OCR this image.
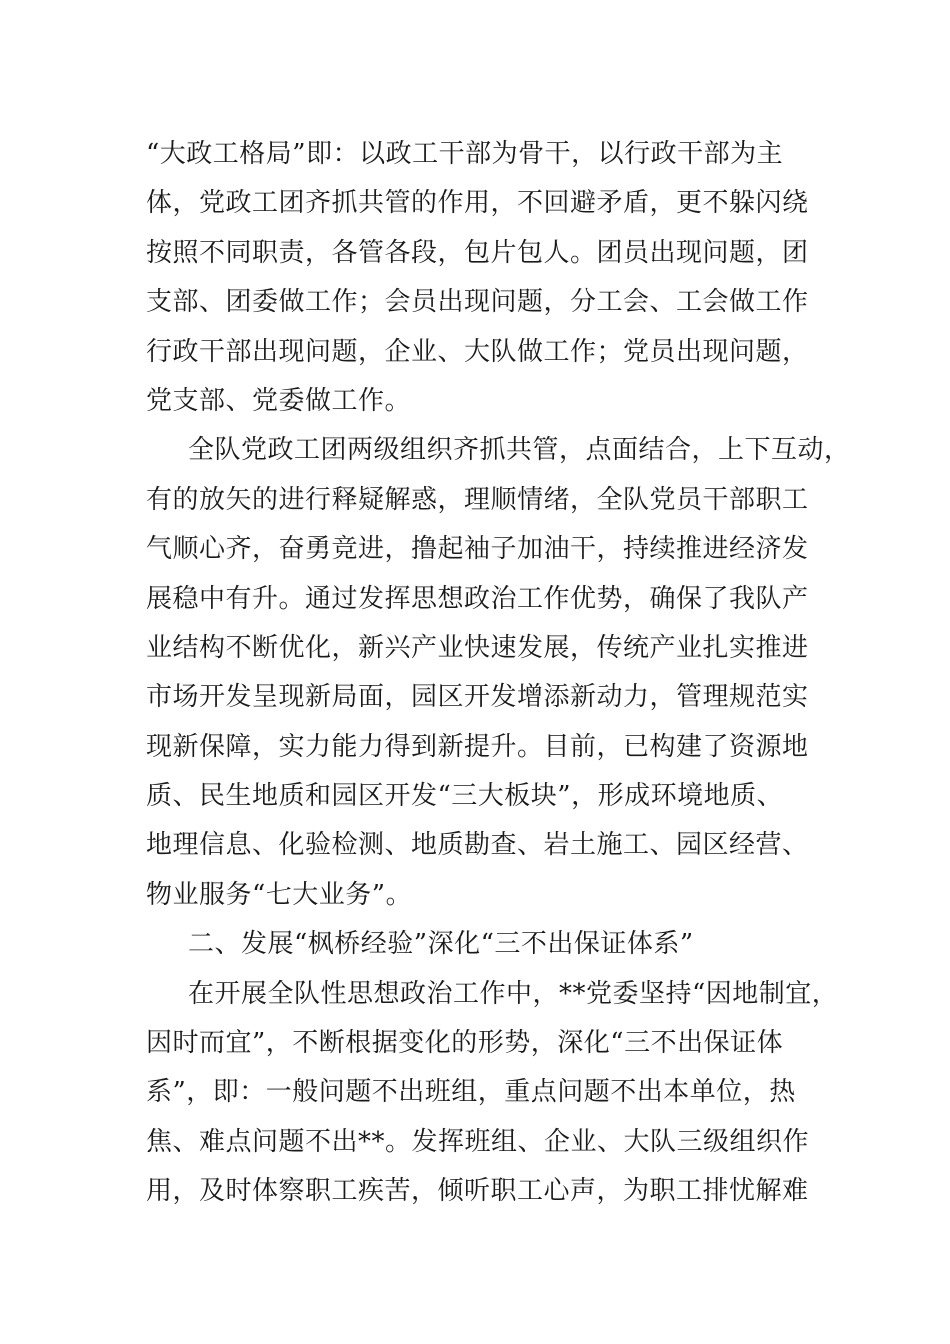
“大政工格局”即：以政工干部为骨干，以行政干部为主
体，党政工团齐抓共管的作用，不回避矛盾，更不躲闪绕
按照不同职责，各管各段，包片包人。团员出现问题，团
支部、团委做工作；会员出现问题，分工会、工会做工作
行政干部出现问题，企业、大队做工作；党员出现问题，
党支部、党委做工作。
全队党政工团两级组织齐抓共管，点面结合，上下互动，
有的放矢的进行释疑解惑，理顺情绪，全队党员干部职工
气顺心齐，奋勇竞进，撸起袖子加油干，持续推进经济发
展稳中有升。通过发挥思想政治工作优势，确保了我队产
业结构不断优化，新兴产业快速发展，传统产业扎实推进
市场开发呈现新局面，园区开发增添新动力，管理规范实
现新保障，实力能力得到新提升。目前，已构建了资源地
质、民生地质和园区开发“三大板块”，形成环境地质、
地理信息、化验检测、地质勘查、岩土施工、园区经营、
物业服务“七大业务”。
二、发展“枫桥经验”深化“三不出保证体系”
在开展全队性思想政治工作中，**党委坚持“因地制宜，
因时而宜”，不断根据变化的形势，深化“三不出保证体
系”，即：一般问题不出班组，重点问题不出本单位，热
焦、难点问题不出**。发挥班组、企业、大队三级组织作
用，及时体察职工疾苦，倾听职工心声，为职工排忧解难
